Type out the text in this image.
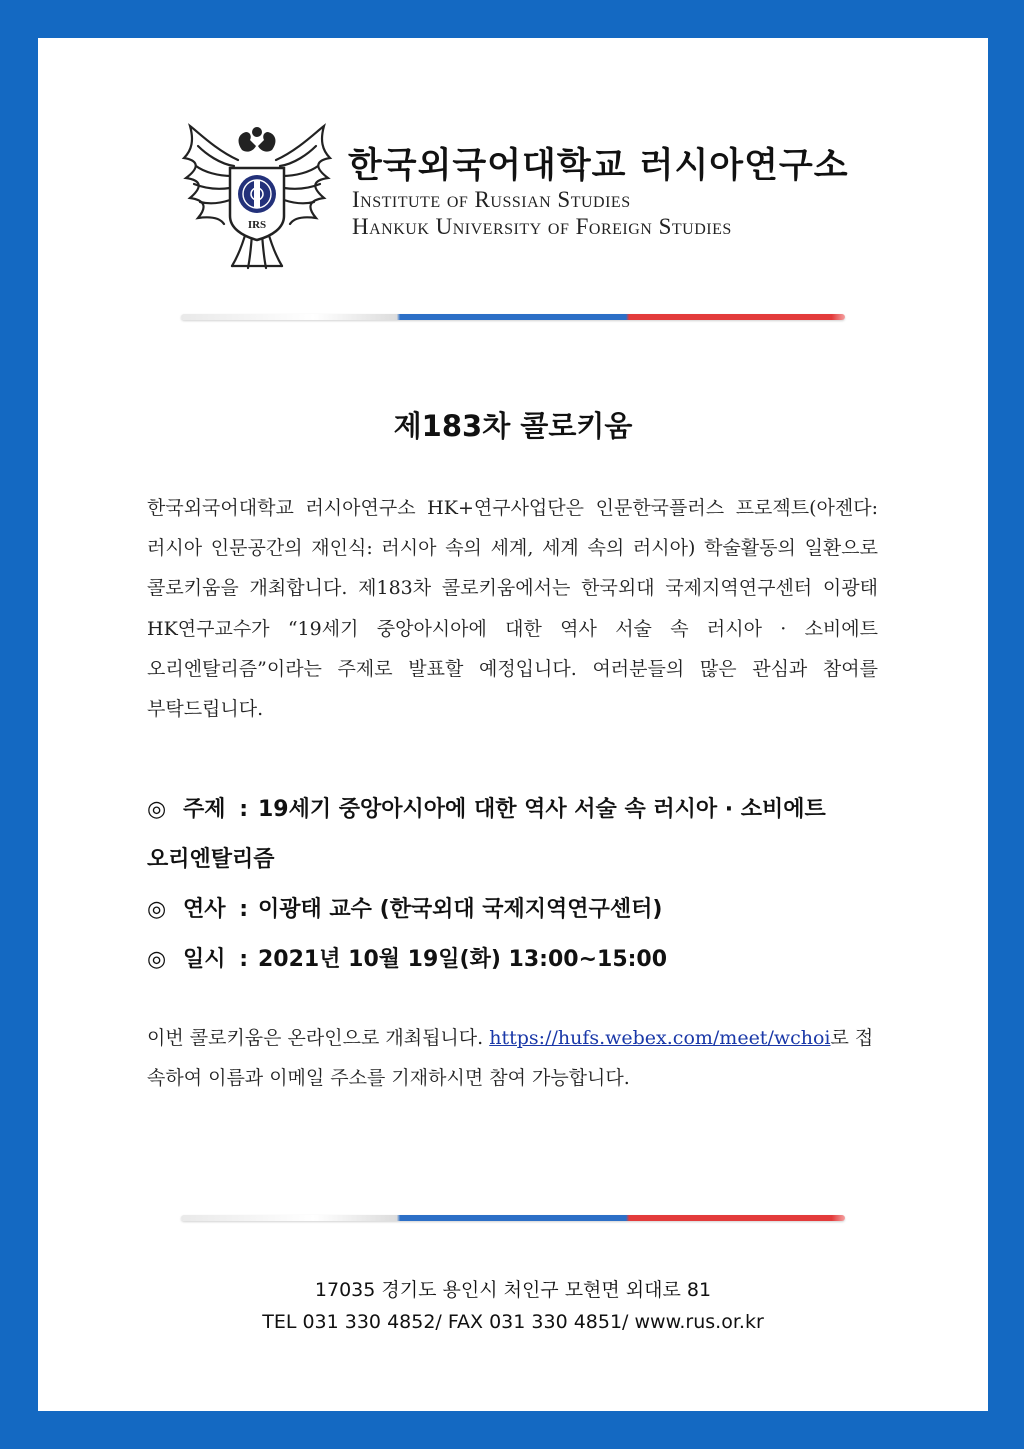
IRS
한국외국어대학교 러시아연구소
Institute of Russian Studies
Hankuk University of Foreign Studies
제183차 콜로키움
한국외국어대학교 러시아연구소 HK+연구사업단은 인문한국플러스 프로젝트(아젠다: 러시아 인문공간의 재인식: 러시아 속의 세계, 세계 속의 러시아) 학술활동의 일환으로 콜로키움을 개최합니다. 제183차 콜로키움에서는 한국외대 국제지역연구센터 이광태 HK연구교수가 “19세기 중앙아시아에 대한 역사 서술 속 러시아 · 소비에트 오리엔탈리즘”이라는 주제로 발표할 예정입니다. 여러분들의 많은 관심과 참여를 부탁드립니다.
◎ 주제 : 19세기 중앙아시아에 대한 역사 서술 속 러시아 · 소비에트
오리엔탈리즘
◎ 연사 : 이광태 교수 (한국외대 국제지역연구센터)
◎ 일시 : 2021년 10월 19일(화) 13:00~15:00
이번 콜로키움은 온라인으로 개최됩니다. https://hufs.webex.com/meet/wchoi로 접속하여 이름과 이메일 주소를 기재하시면 참여 가능합니다.
17035 경기도 용인시 처인구 모현면 외대로 81
TEL 031 330 4852/ FAX 031 330 4851/ www.rus.or.kr
